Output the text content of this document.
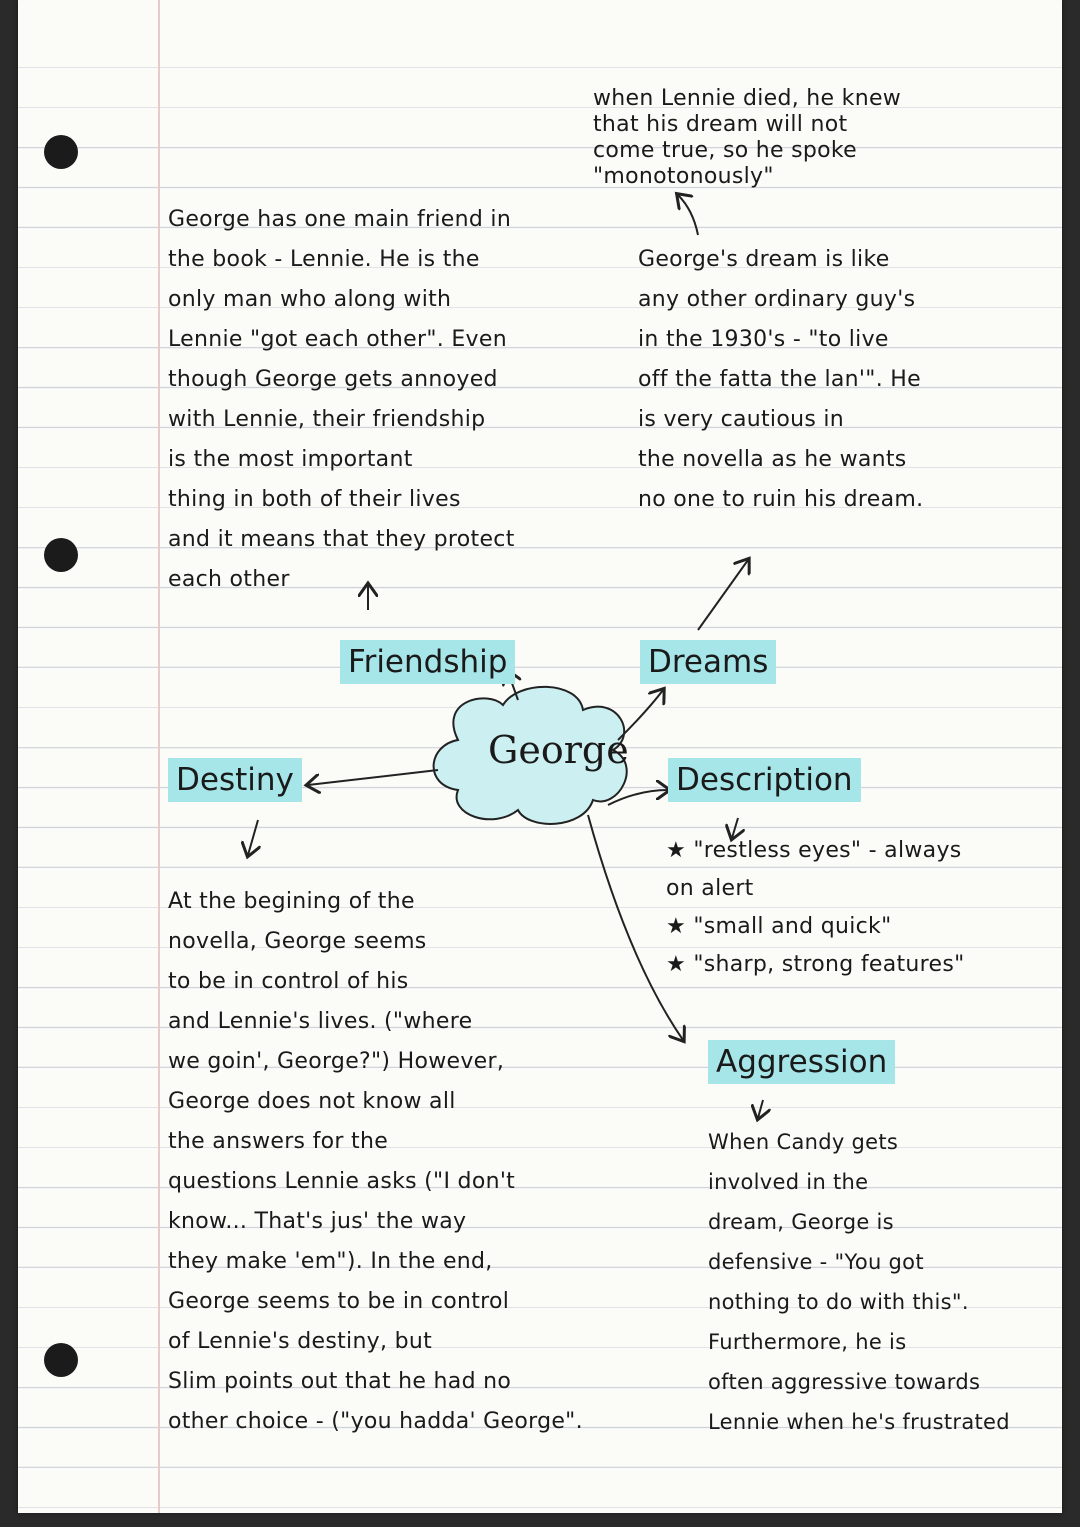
George
Friendship	Dreams
Destiny	Description
Aggression
when Lennie died, he knew
that his dream will not
come true, so he spoke
"monotonously"
George has one main friend in
the book - Lennie. He is the
only man who along with
Lennie "got each other". Even
though George gets annoyed
with Lennie, their friendship
is the most important
thing in both of their lives
and it means that they protect
each other
George's dream is like
any other ordinary guy's
in the 1930's - "to live
off the fatta the lan'". He
is very cautious in
the novella as he wants
no one to ruin his dream.
★ "restless eyes" - always
on alert
★ "small and quick"
★ "sharp, strong features"
At the begining of the
novella, George seems
to be in control of his
and Lennie's lives. ("where
we goin', George?") However,
George does not know all
the answers for the
questions Lennie asks ("I don't
know... That's jus' the way
they make 'em"). In the end,
George seems to be in control
of Lennie's destiny, but
Slim points out that he had no
other choice - ("you hadda' George".
When Candy gets
involved in the
dream, George is
defensive - "You got
nothing to do with this".
Furthermore, he is
often aggressive towards
Lennie when he's frustrated
